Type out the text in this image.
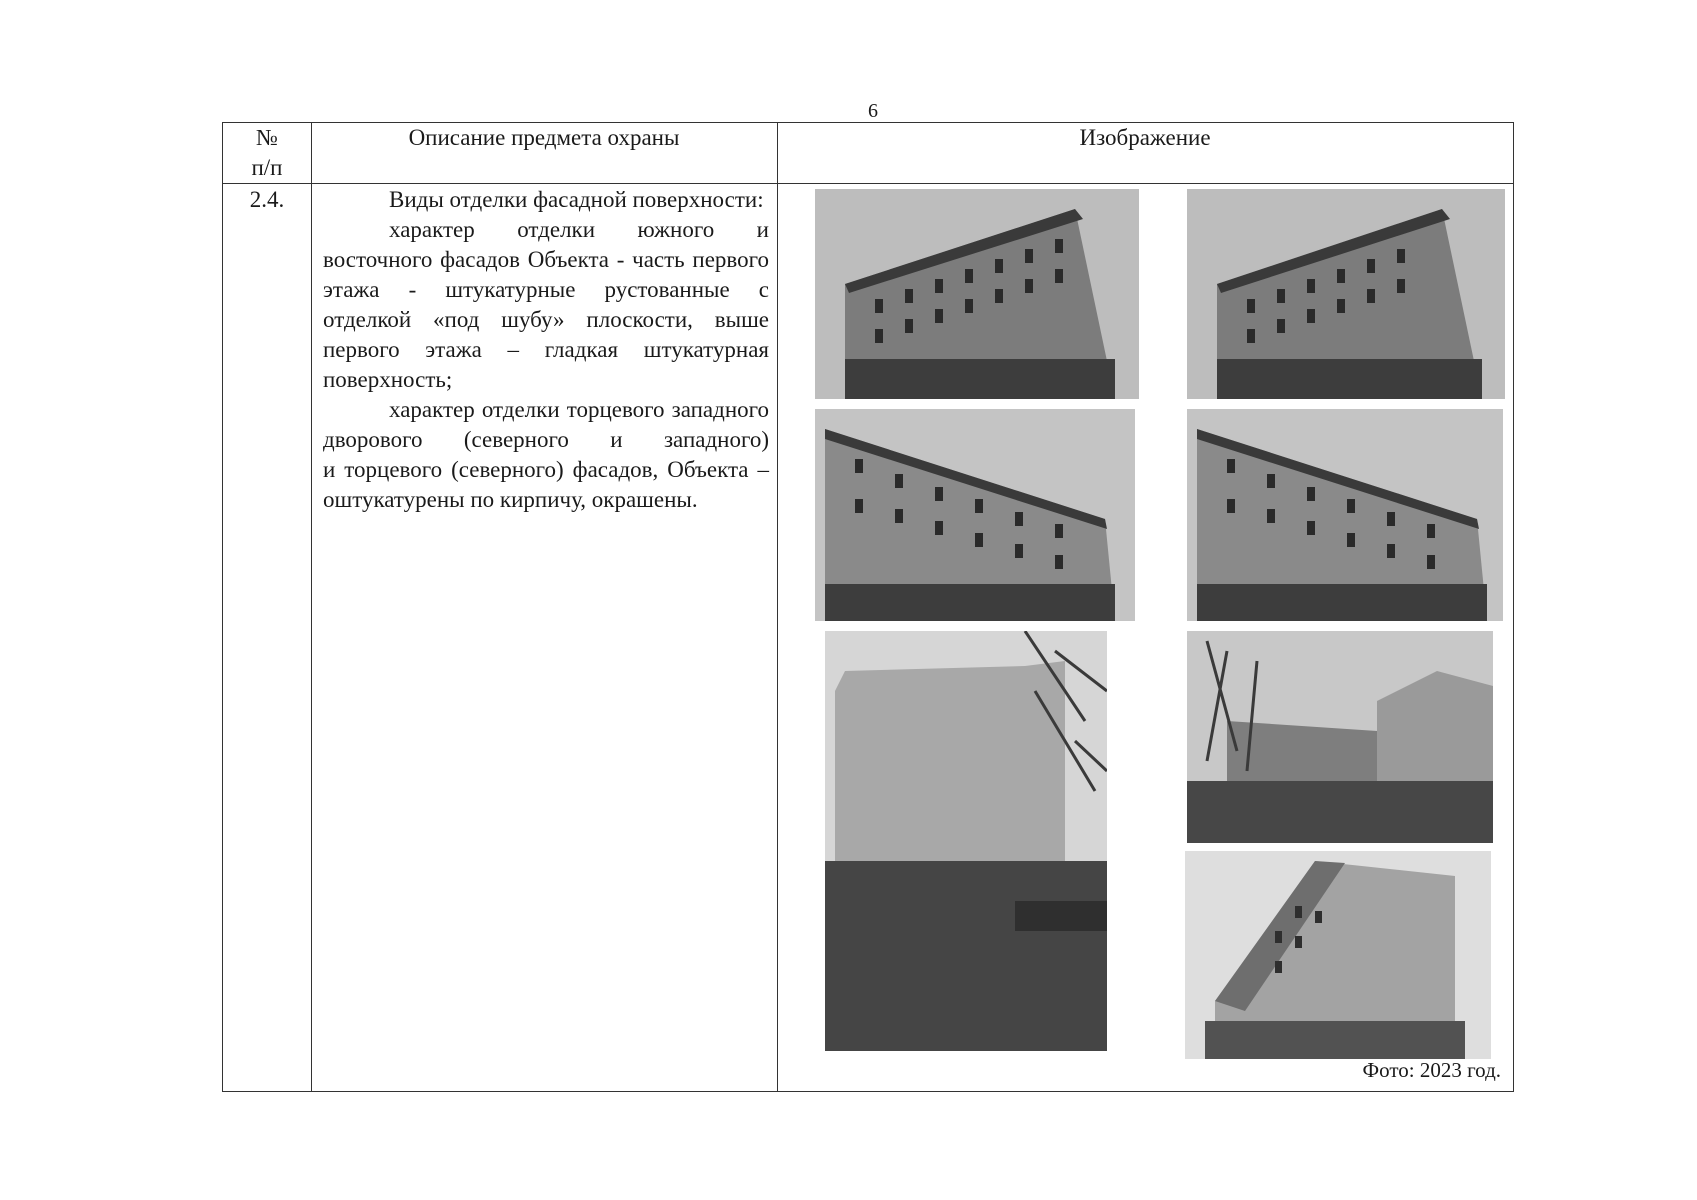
6
№ п/п
Описание предмета охраны	Изображение
2.4.	Виды отделки фасадной поверхности:

характер отделки южного и восточного фасадов Объекта - часть первого этажа - штукатурные рустованные с отделкой «под шубу» плоскости, выше первого этажа – гладкая штукатурная поверхность;

характер отделки торцевого западного дворового (северного и западного)

и торцевого (северного) фасадов, Объекта – оштукатурены по кирпичу, окрашены.

Фото: 2023 год.
